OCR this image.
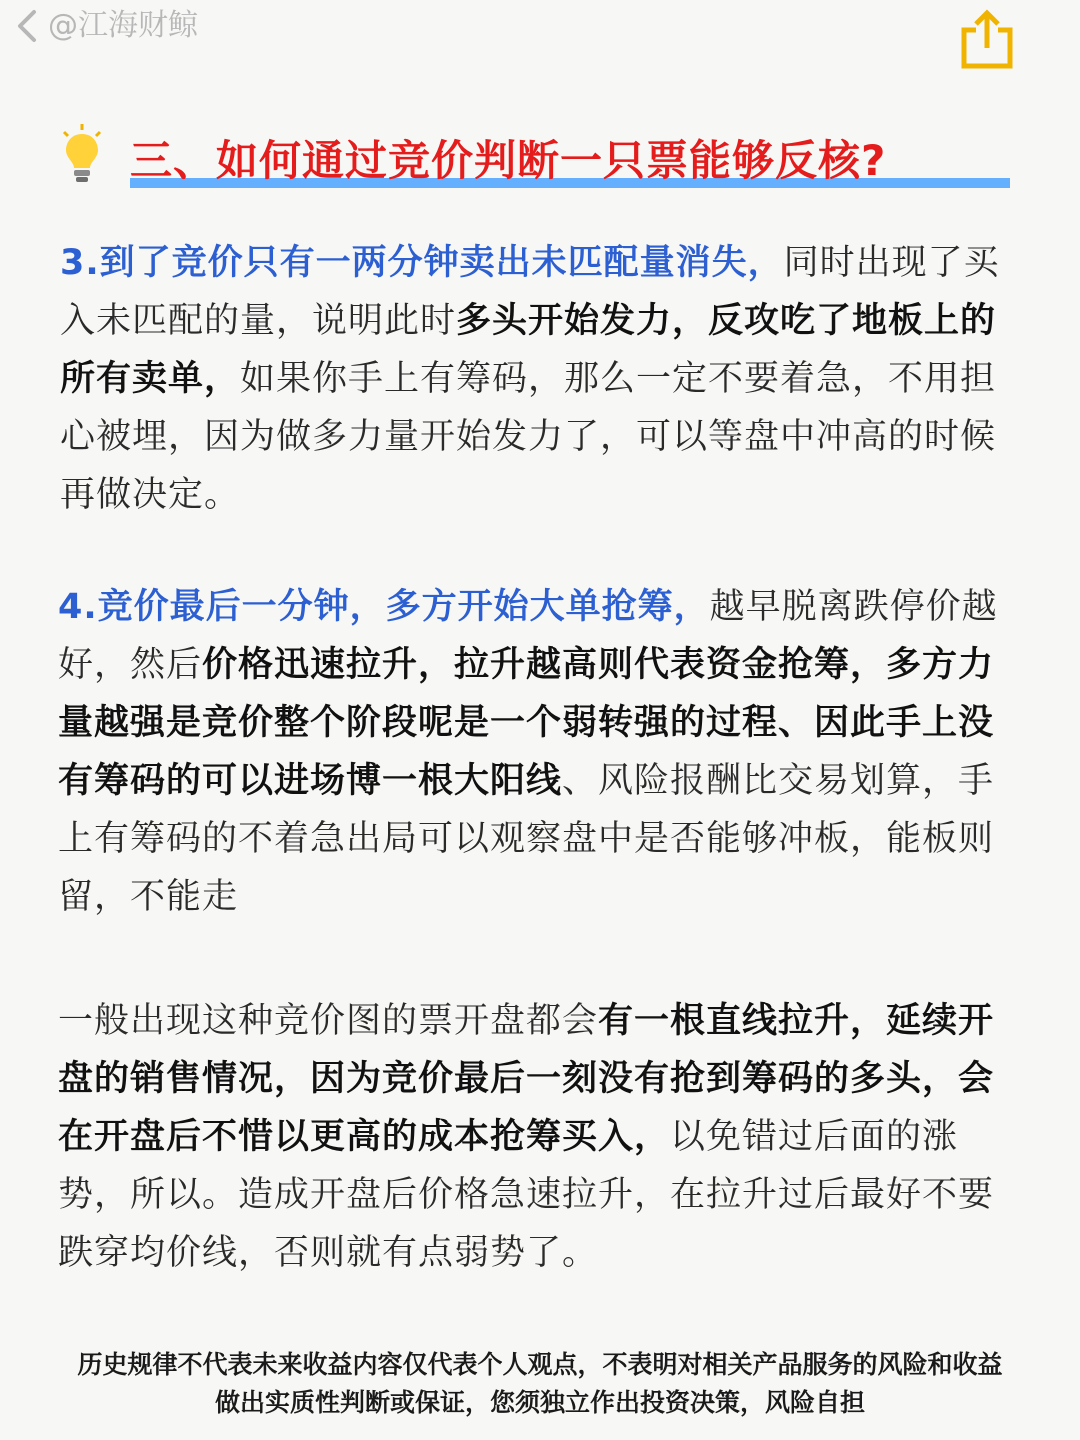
@江海财鲸
三、如何通过竞价判断一只票能够反核?
3.到了竞价只有一两分钟卖出未匹配量消失，同时出现了买入未匹配的量，说明此时多头开始发力，反攻吃了地板上的所有卖单，如果你手上有筹码，那么一定不要着急，不用担心被埋，因为做多力量开始发力了，可以等盘中冲高的时候再做决定。
4.竞价最后一分钟，多方开始大单抢筹，越早脱离跌停价越好，然后价格迅速拉升，拉升越高则代表资金抢筹，多方力量越强是竞价整个阶段呢是一个弱转强的过程、因此手上没有筹码的可以进场博一根大阳线、风险报酬比交易划算，手上有筹码的不着急出局可以观察盘中是否能够冲板，能板则留，不能走
一般出现这种竞价图的票开盘都会有一根直线拉升，延续开盘的销售情况，因为竞价最后一刻没有抢到筹码的多头，会在开盘后不惜以更高的成本抢筹买入，以免错过后面的涨势，所以。造成开盘后价格急速拉升，在拉升过后最好不要跌穿均价线，否则就有点弱势了。
历史规律不代表未来收益内容仅代表个人观点，不表明对相关产品服务的风险和收益
做出实质性判断或保证，您须独立作出投资决策，风险自担
